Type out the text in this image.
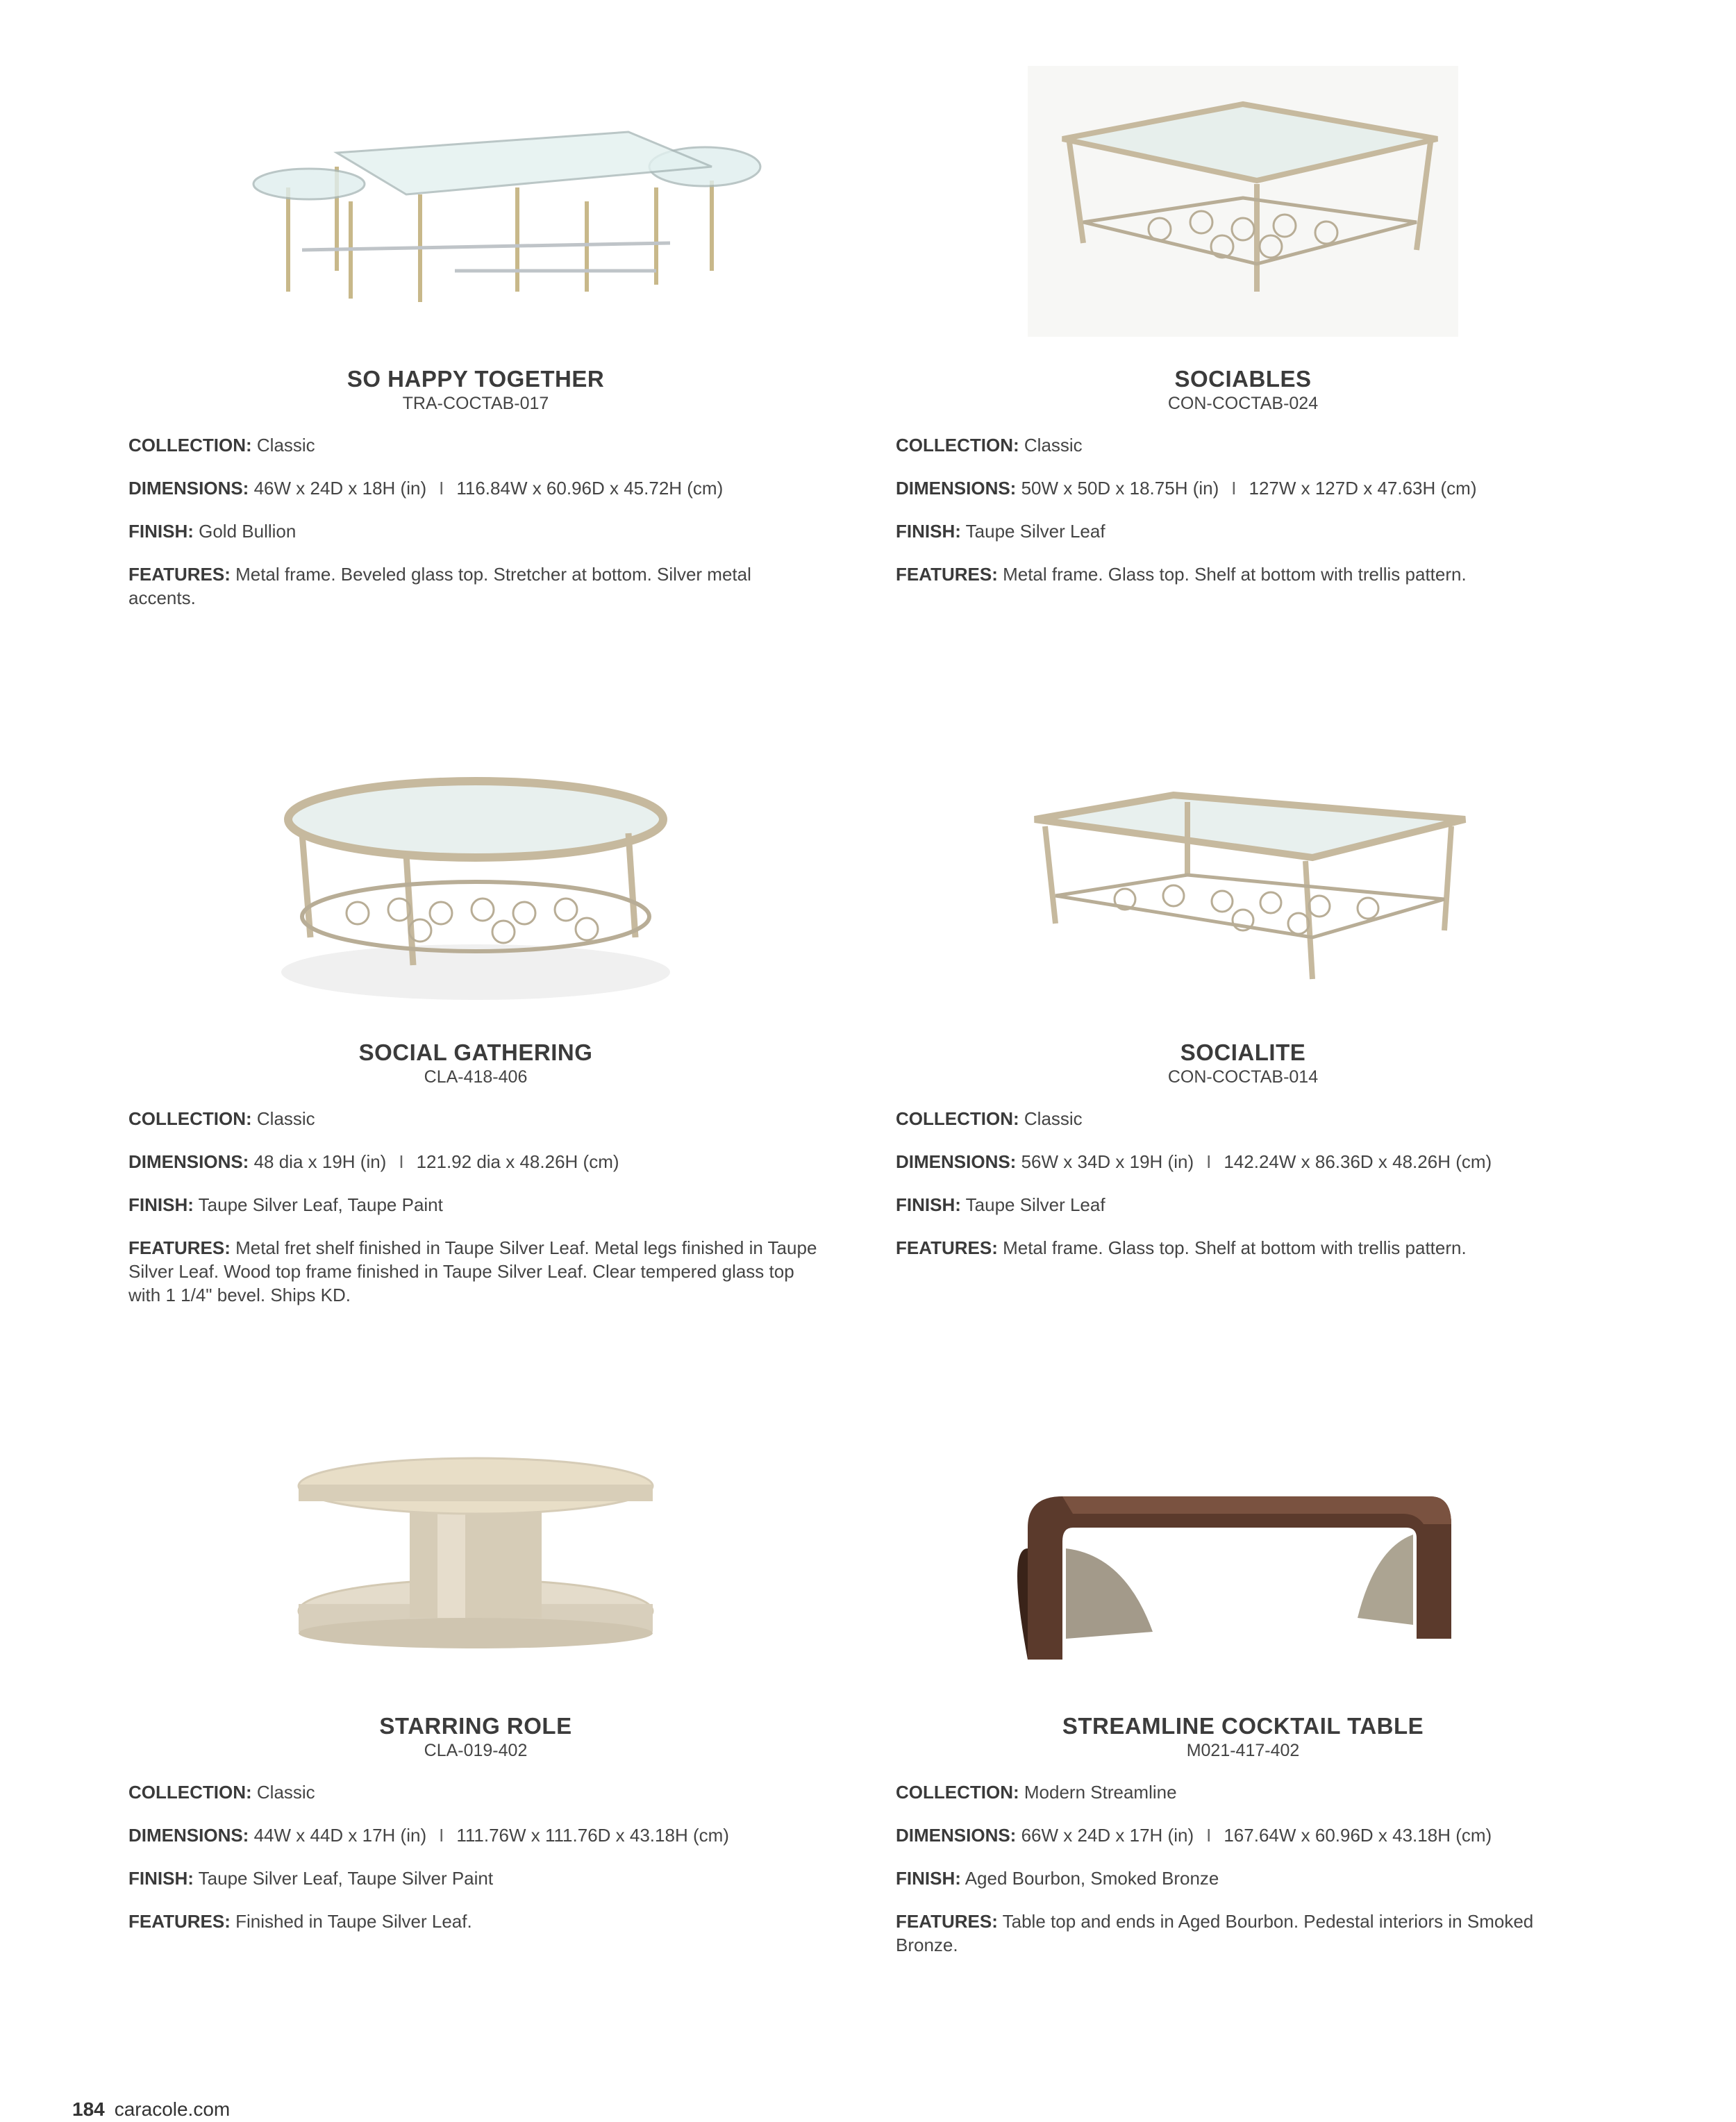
SO HAPPY TOGETHER
TRA-COCTAB-017
COLLECTION: Classic
DIMENSIONS: 46W x 24D x 18H (in) I 116.84W x 60.96D x 45.72H (cm)
FINISH: Gold Bullion
FEATURES: Metal frame. Beveled glass top. Stretcher at bottom. Silver metal accents.
SOCIABLES
CON-COCTAB-024
COLLECTION: Classic
DIMENSIONS: 50W x 50D x 18.75H (in) I 127W x 127D x 47.63H (cm)
FINISH: Taupe Silver Leaf
FEATURES: Metal frame. Glass top. Shelf at bottom with trellis pattern.
SOCIAL GATHERING
CLA-418-406
COLLECTION: Classic
DIMENSIONS: 48 dia x 19H (in) I 121.92 dia x 48.26H (cm)
FINISH: Taupe Silver Leaf, Taupe Paint
FEATURES: Metal fret shelf finished in Taupe Silver Leaf. Metal legs finished in Taupe Silver Leaf. Wood top frame finished in Taupe Silver Leaf. Clear tempered glass top with 1 1/4" bevel. Ships KD.
SOCIALITE
CON-COCTAB-014
COLLECTION: Classic
DIMENSIONS: 56W x 34D x 19H (in) I 142.24W x 86.36D x 48.26H (cm)
FINISH: Taupe Silver Leaf
FEATURES: Metal frame. Glass top. Shelf at bottom with trellis pattern.
STARRING ROLE
CLA-019-402
COLLECTION: Classic
DIMENSIONS: 44W x 44D x 17H (in) I 111.76W x 111.76D x 43.18H (cm)
FINISH: Taupe Silver Leaf, Taupe Silver Paint
FEATURES: Finished in Taupe Silver Leaf.
STREAMLINE COCKTAIL TABLE
M021-417-402
COLLECTION: Modern Streamline
DIMENSIONS: 66W x 24D x 17H (in) I 167.64W x 60.96D x 43.18H (cm)
FINISH: Aged Bourbon, Smoked Bronze
FEATURES: Table top and ends in Aged Bourbon. Pedestal interiors in Smoked Bronze.
184 caracole.com
